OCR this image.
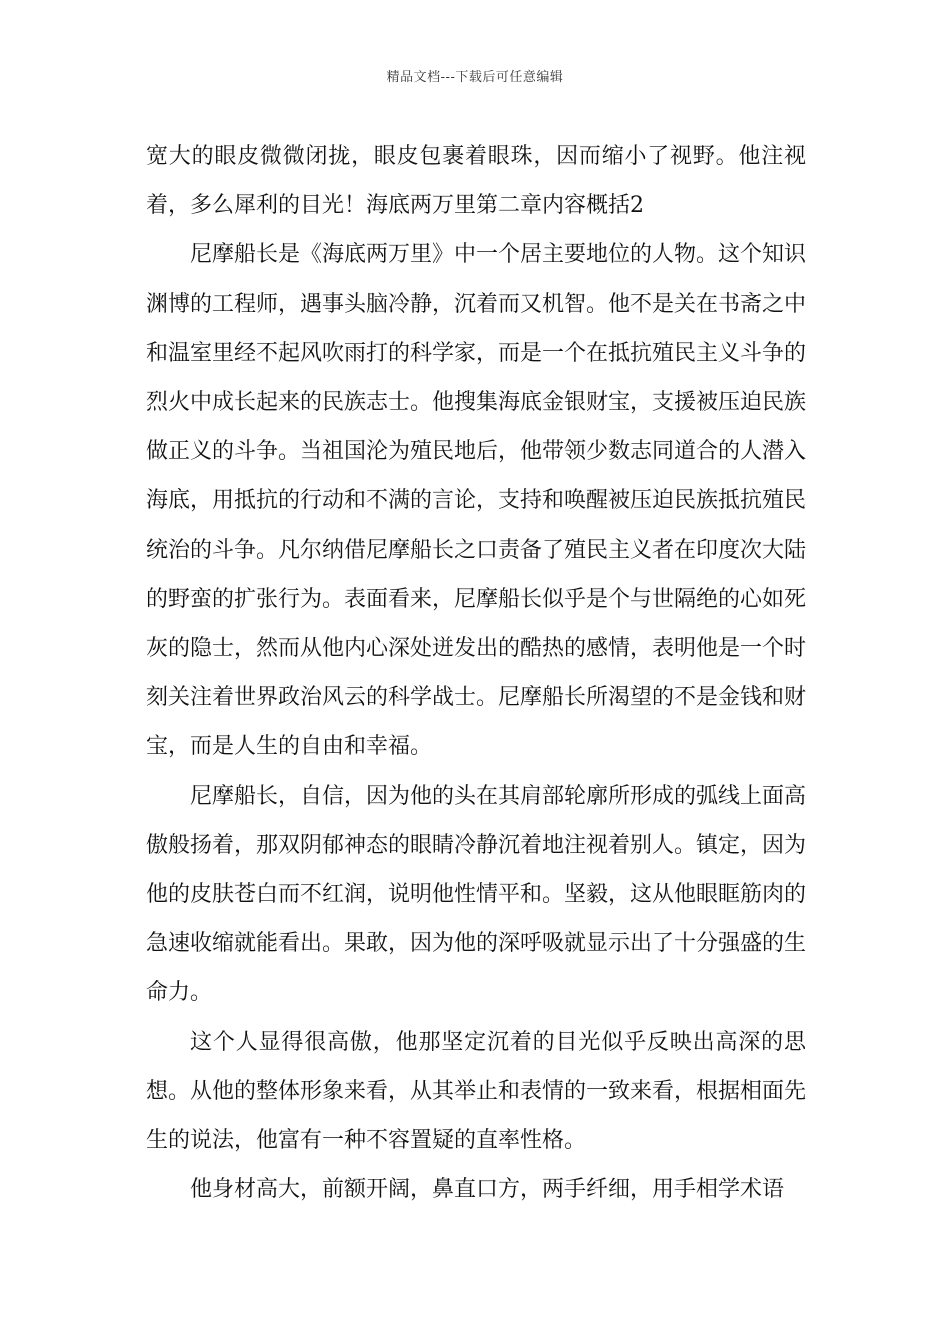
精品文档---下载后可任意编辑

宽大的眼皮微微闭拢，眼皮包裹着眼珠，因而缩小了视野。他注视着，多么犀利的目光！海底两万里第二章内容概括2

尼摩船长是《海底两万里》中一个居主要地位的人物。这个知识渊博的工程师，遇事头脑冷静，沉着而又机智。他不是关在书斋之中和温室里经不起风吹雨打的科学家，而是一个在抵抗殖民主义斗争的烈火中成长起来的民族志士。他搜集海底金银财宝，支援被压迫民族做正义的斗争。当祖国沦为殖民地后，他带领少数志同道合的人潜入海底，用抵抗的行动和不满的言论，支持和唤醒被压迫民族抵抗殖民统治的斗争。凡尔纳借尼摩船长之口责备了殖民主义者在印度次大陆的野蛮的扩张行为。表面看来，尼摩船长似乎是个与世隔绝的心如死灰的隐士，然而从他内心深处迸发出的酷热的感情，表明他是一个时刻关注着世界政治风云的科学战士。尼摩船长所渴望的不是金钱和财宝，而是人生的自由和幸福。

尼摩船长，自信，因为他的头在其肩部轮廓所形成的弧线上面高傲般扬着，那双阴郁神态的眼睛冷静沉着地注视着别人。镇定，因为他的皮肤苍白而不红润，说明他性情平和。坚毅，这从他眼眶筋肉的急速收缩就能看出。果敢，因为他的深呼吸就显示出了十分强盛的生命力。

这个人显得很高傲，他那坚定沉着的目光似乎反映出高深的思想。从他的整体形象来看，从其举止和表情的一致来看，根据相面先生的说法，他富有一种不容置疑的直率性格。

他身材高大，前额开阔，鼻直口方，两手纤细，用手相学术语
